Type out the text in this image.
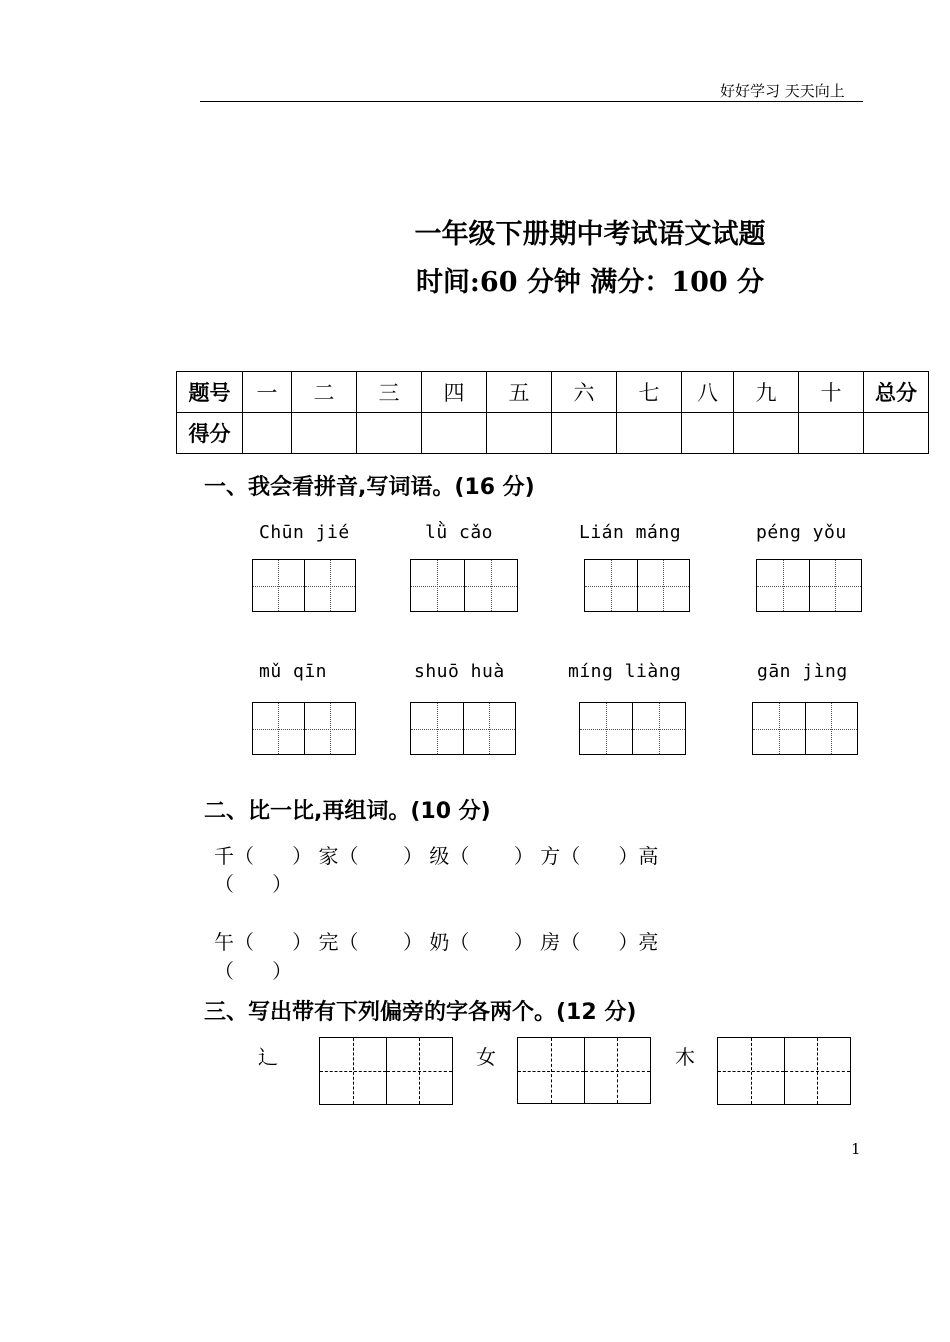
好好学习 天天向上
一年级下册期中考试语文试题
时间:60 分钟 满分：100 分
题号	一	二	三	四	五	六	七	八	九	十	总分
得分											
一、我会看拼音,写词语。(16 分)
Chūn jié	lǜ cǎo	Lián máng	péng yǒu
mǔ qīn	shuō huà	míng liàng	gān jìng
二、比一比,再组词。(10 分)
千（      ） 家（       ） 级（       ） 方（      ）高
（      ）
午（      ） 完（       ） 奶（       ） 房（      ）亮
（      ）
三、写出带有下列偏旁的字各两个。(12 分)
辶	女	木
1
